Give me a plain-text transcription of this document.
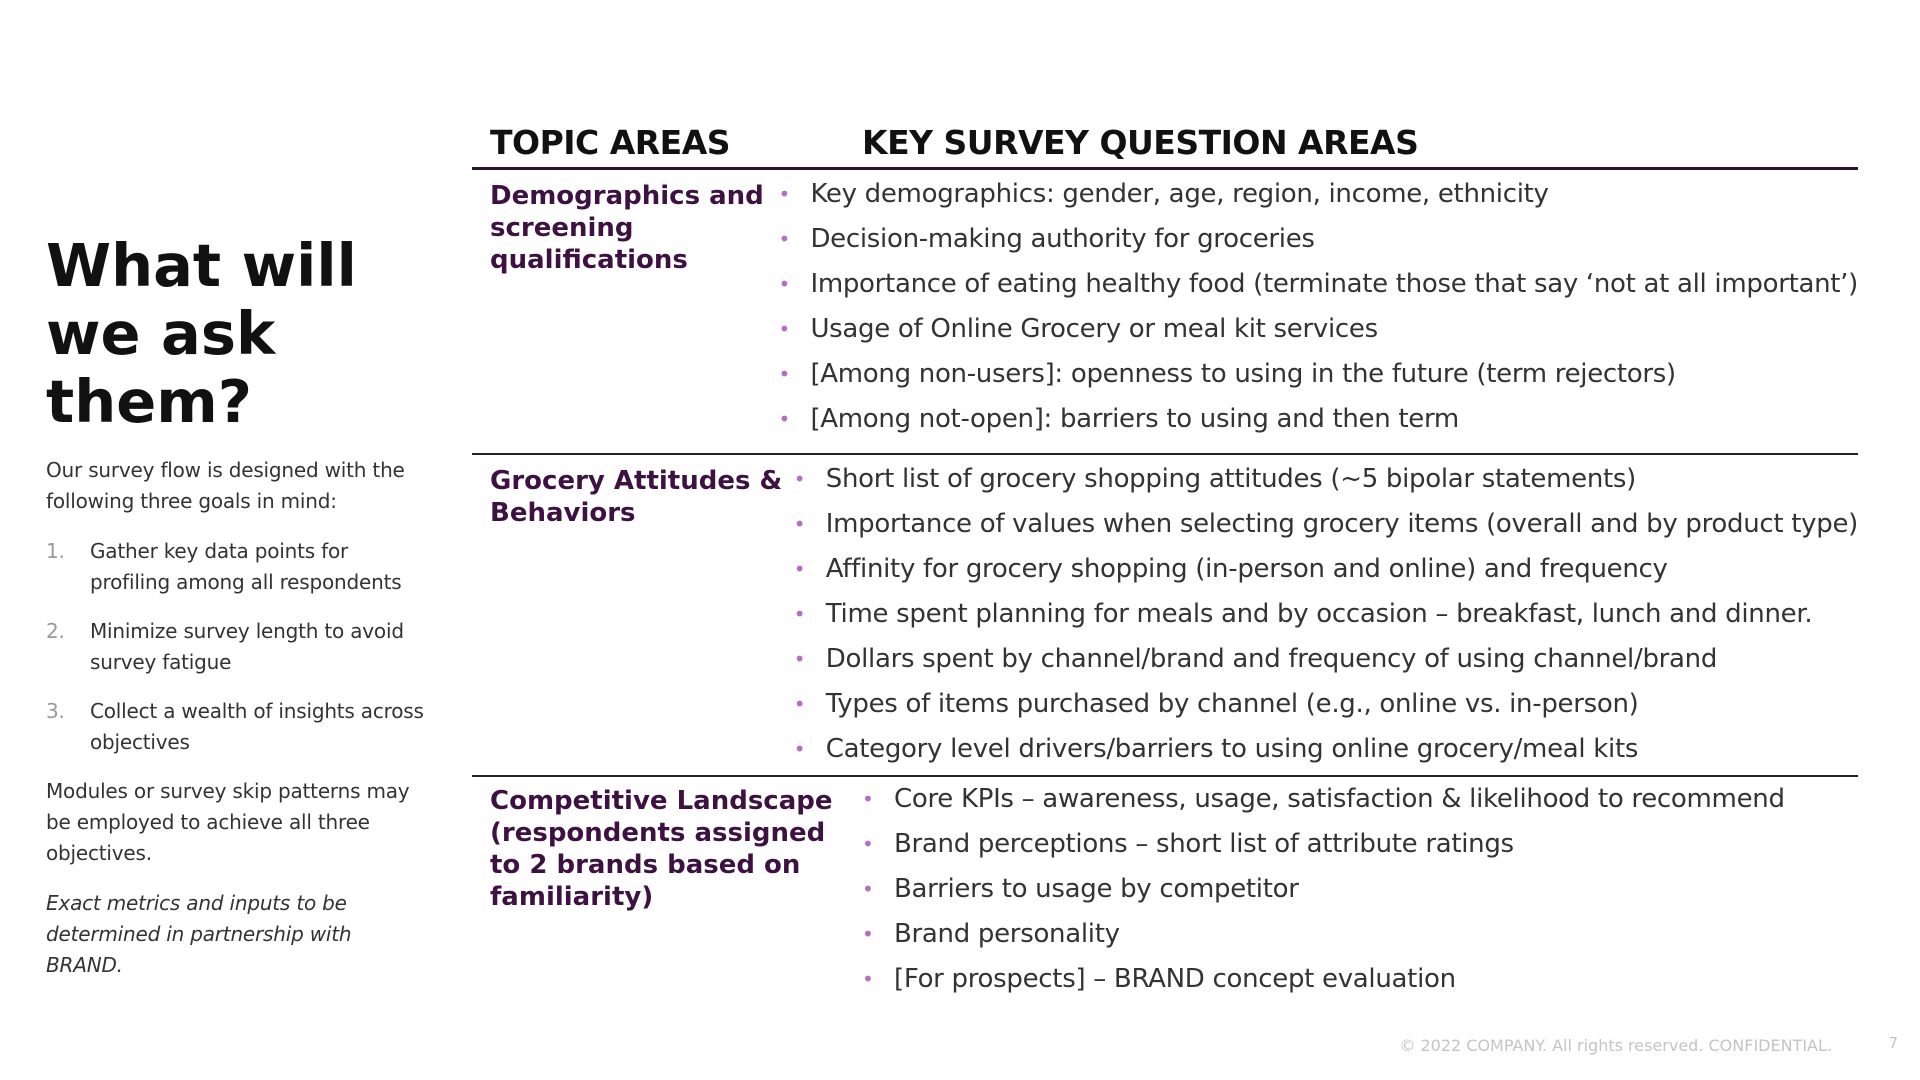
What will we ask them?

Our survey flow is designed with the following three goals in mind:

1. Gather key data points for profiling among all respondents
2. Minimize survey length to avoid survey fatigue
3. Collect a wealth of insights across objectives

Modules or survey skip patterns may be employed to achieve all three objectives.

Exact metrics and inputs to be determined in partnership with BRAND.

TOPIC AREAS	KEY SURVEY QUESTION AREAS
Demographics and screening qualifications
• Key demographics: gender, age, region, income, ethnicity
• Decision-making authority for groceries
• Importance of eating healthy food (terminate those that say ‘not at all important’)
• Usage of Online Grocery or meal kit services
• [Among non-users]: openness to using in the future (term rejectors)
• [Among not-open]: barriers to using and then term
Grocery Attitudes & Behaviors
• Short list of grocery shopping attitudes (~5 bipolar statements)
• Importance of values when selecting grocery items (overall and by product type)
• Affinity for grocery shopping (in-person and online) and frequency
• Time spent planning for meals and by occasion – breakfast, lunch and dinner.
• Dollars spent by channel/brand and frequency of using channel/brand
• Types of items purchased by channel (e.g., online vs. in-person)
• Category level drivers/barriers to using online grocery/meal kits
Competitive Landscape (respondents assigned to 2 brands based on familiarity)
• Core KPIs – awareness, usage, satisfaction & likelihood to recommend
• Brand perceptions – short list of attribute ratings
• Barriers to usage by competitor
• Brand personality
• [For prospects] – BRAND concept evaluation
© 2022 COMPANY. All rights reserved. CONFIDENTIAL.	7
